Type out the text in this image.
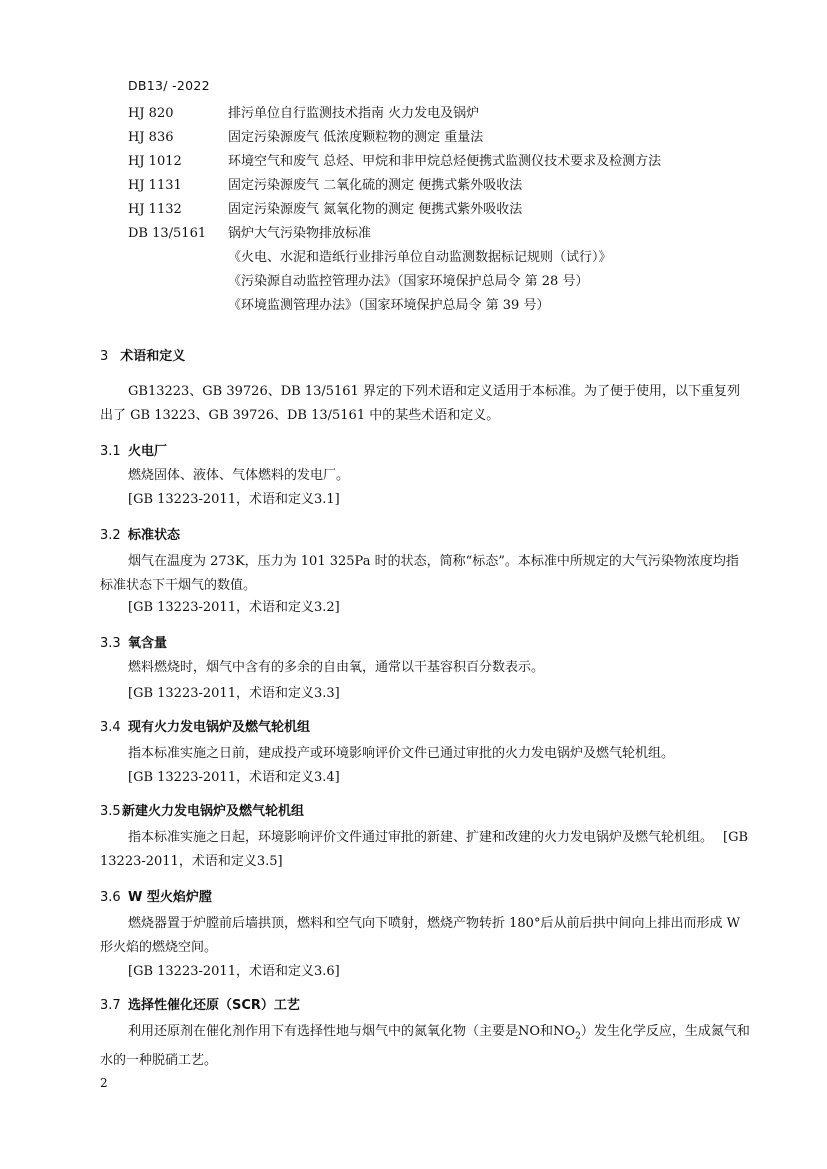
DB13/ -2022
HJ 820	排污单位自行监测技术指南 火力发电及锅炉
HJ 836	固定污染源废气 低浓度颗粒物的测定 重量法
HJ 1012	环境空气和废气 总烃、甲烷和非甲烷总烃便携式监测仪技术要求及检测方法
HJ 1131	固定污染源废气 二氧化硫的测定 便携式紫外吸收法
HJ 1132	固定污染源废气 氮氧化物的测定 便携式紫外吸收法
DB 13/5161	锅炉大气污染物排放标准
《火电、水泥和造纸行业排污单位自动监测数据标记规则（试行）》
《污染源自动监控管理办法》（国家环境保护总局令 第 28 号）
《环境监测管理办法》（国家环境保护总局令 第 39 号）
3 术语和定义
GB13223、GB 39726、DB 13/5161 界定的下列术语和定义适用于本标准。为了便于使用，以下重复列出了 GB 13223、GB 39726、DB 13/5161 中的某些术语和定义。
3.1 火电厂
燃烧固体、液体、气体燃料的发电厂。
[GB 13223-2011，术语和定义3.1]
3.2 标准状态
烟气在温度为 273K，压力为 101 325Pa 时的状态，简称“标态”。本标准中所规定的大气污染物浓度均指标准状态下干烟气的数值。
[GB 13223-2011，术语和定义3.2]
3.3 氧含量
燃料燃烧时，烟气中含有的多余的自由氧，通常以干基容积百分数表示。
[GB 13223-2011，术语和定义3.3]
3.4 现有火力发电锅炉及燃气轮机组
指本标准实施之日前，建成投产或环境影响评价文件已通过审批的火力发电锅炉及燃气轮机组。
[GB 13223-2011，术语和定义3.4]
3.5新建火力发电锅炉及燃气轮机组
指本标准实施之日起，环境影响评价文件通过审批的新建、扩建和改建的火力发电锅炉及燃气轮机组。 [GB 13223-2011，术语和定义3.5]
3.6 W 型火焰炉膛
燃烧器置于炉膛前后墙拱顶，燃料和空气向下喷射，燃烧产物转折 180°后从前后拱中间向上排出而形成 W 形火焰的燃烧空间。
[GB 13223-2011，术语和定义3.6]
3.7 选择性催化还原（SCR）工艺
利用还原剂在催化剂作用下有选择性地与烟气中的氮氧化物（主要是NO和$NO_2$）发生化学反应，生成氮气和水的一种脱硝工艺。
2
